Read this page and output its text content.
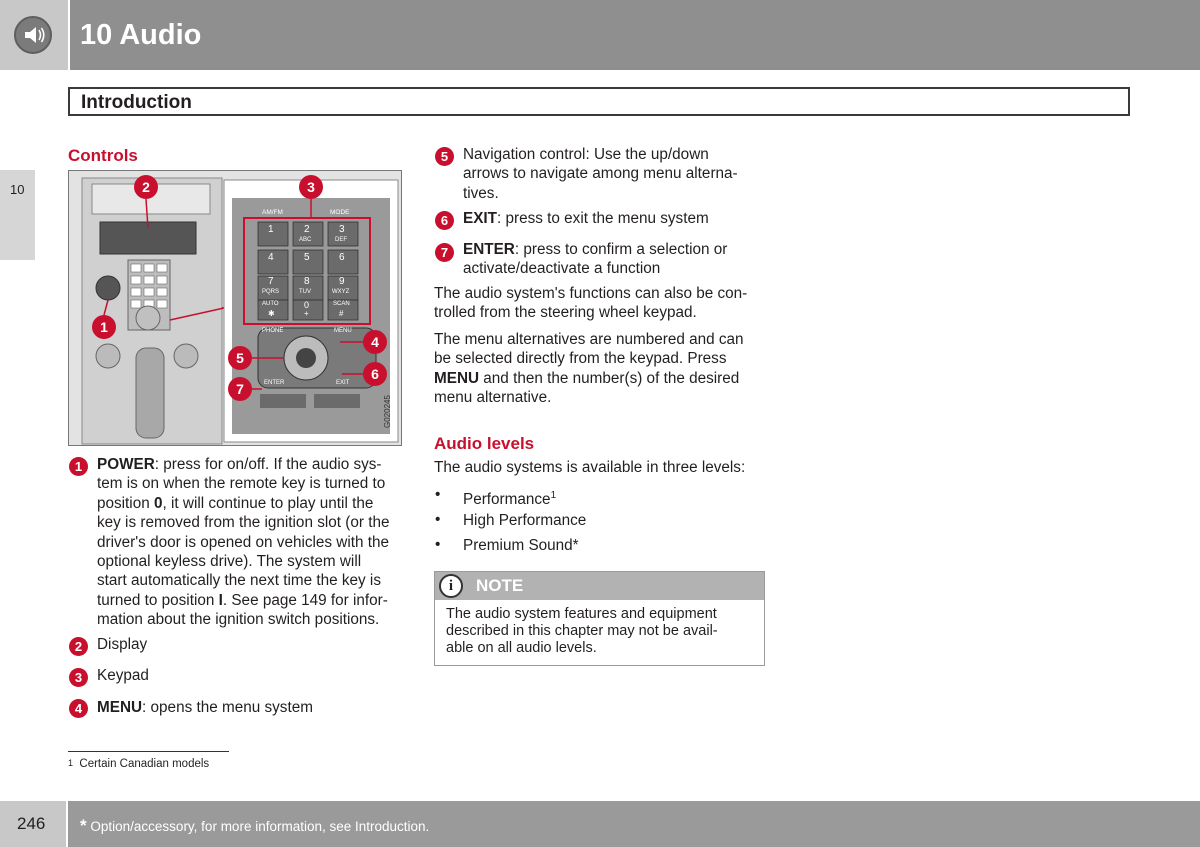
10 Audio
Introduction
10
Controls
G020245
2	3
1
4
5
6
7
AM/FM	MODE
1	2	3
ABC	DEF
4	5	6
7	8	9
PQRS	TUV	WXYZ
AUTO	0	SCAN
✱	+	#
PHONE	MENU
ENTER	EXIT
1 POWER: press for on/off. If the audio sys-
tem is on when the remote key is turned to
position 0, it will continue to play until the
key is removed from the ignition slot (or the
driver's door is opened on vehicles with the
optional keyless drive). The system will
start automatically the next time the key is
turned to position I. See page 149 for infor-
mation about the ignition switch positions.
2 Display
3 Keypad
4 MENU: opens the menu system
5 Navigation control: Use the up/down
arrows to navigate among menu alterna-
tives.
6 EXIT: press to exit the menu system
7 ENTER: press to confirm a selection or
activate/deactivate a function
The audio system's functions can also be con-
trolled from the steering wheel keypad.
The menu alternatives are numbered and can
be selected directly from the keypad. Press
MENU and then the number(s) of the desired
menu alternative.
Audio levels
The audio systems is available in three levels:
• Performance$^1$
• High Performance
• Premium Sound*
i	NOTE
The audio system features and equipment
described in this chapter may not be avail-
able on all audio levels.
$^1$ Certain Canadian models
246 * Option/accessory, for more information, see Introduction.
